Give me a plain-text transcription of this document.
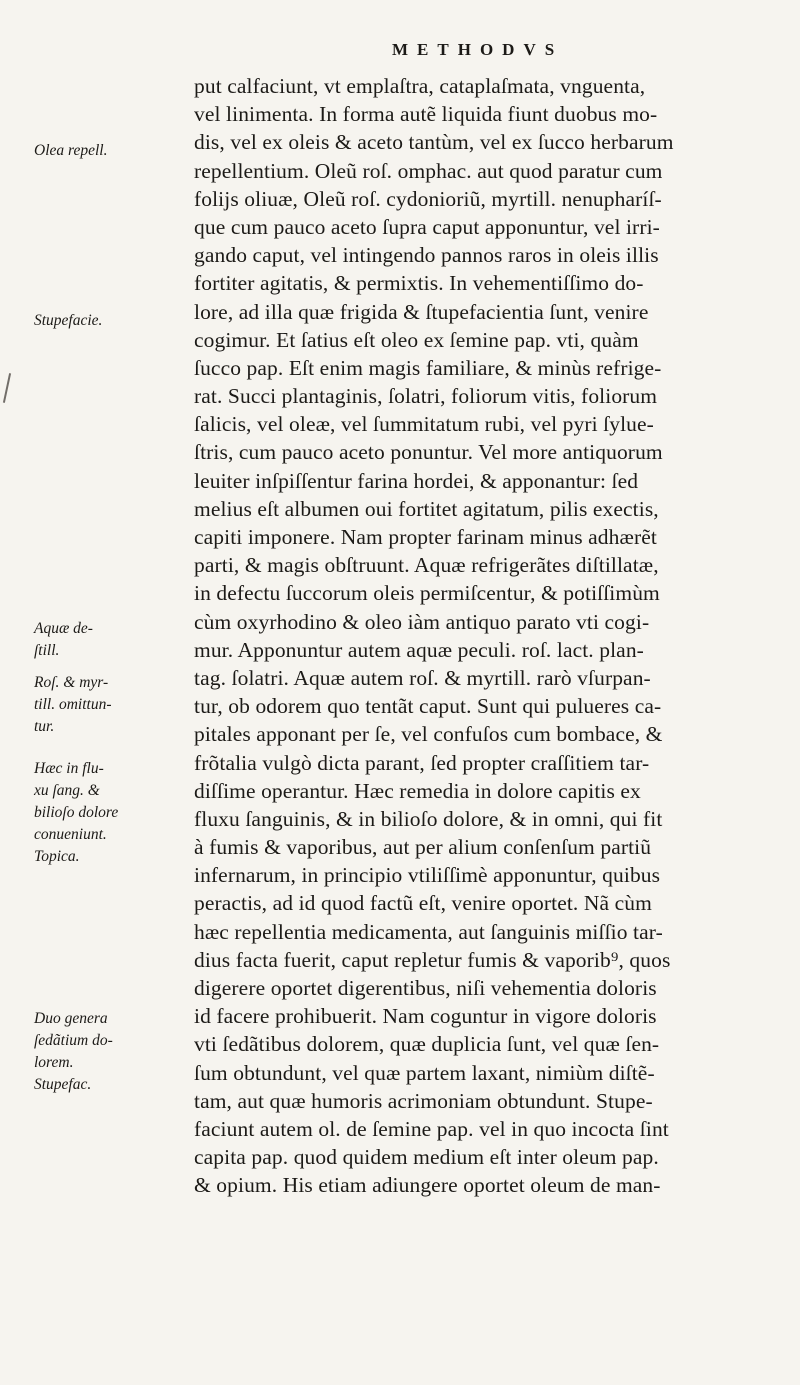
METHODVS
put calfaciunt, vt emplaſtra, cataplaſmata, vnguenta,
vel linimenta. In forma autẽ liquida fiunt duobus mo-
dis, vel ex oleis & aceto tantùm, vel ex ſucco herbarum
repellentium. Oleũ roſ. omphac. aut quod paratur cum
folijs oliuæ, Oleũ roſ. cydonioriũ, myrtill. nenupharíſ-
que cum pauco aceto ſupra caput apponuntur, vel irri-
gando caput, vel intingendo pannos raros in oleis illis
fortiter agitatis, & permixtis. In vehementiſſimo do-
lore, ad illa quæ frigida & ſtupefacientia ſunt, venire
cogimur. Et ſatius eſt oleo ex ſemine pap. vti, quàm
ſucco pap. Eſt enim magis familiare, & minùs refrige-
rat. Succi plantaginis, ſolatri, foliorum vitis, foliorum
ſalicis, vel oleæ, vel ſummitatum rubi, vel pyri ſylue-
ſtris, cum pauco aceto ponuntur. Vel more antiquorum
leuiter inſpiſſentur farina hordei, & apponantur: ſed
melius eſt albumen oui fortitet agitatum, pilis exectis,
capiti imponere. Nam propter farinam minus adhærẽt
parti, & magis obſtruunt. Aquæ refrigerãtes diſtillatæ,
in defectu ſuccorum oleis permiſcentur, & potiſſimùm
cùm oxyrhodino & oleo iàm antiquo parato vti cogi-
mur. Apponuntur autem aquæ peculi. roſ. lact. plan-
tag. ſolatri. Aquæ autem roſ. & myrtill. rarò vſurpan-
tur, ob odorem quo tentãt caput. Sunt qui pulueres ca-
pitales apponant per ſe, vel confuſos cum bombace, &
frõtalia vulgò dicta parant, ſed propter craſſitiem tar-
diſſime operantur. Hæc remedia in dolore capitis ex
fluxu ſanguinis, & in bilioſo dolore, & in omni, qui fit
à fumis & vaporibus, aut per alium conſenſum partiũ
infernarum, in principio vtiliſſimè apponuntur, quibus
peractis, ad id quod factũ eſt, venire oportet. Nã cùm
hæc repellentia medicamenta, aut ſanguinis miſſio tar-
dius facta fuerit, caput repletur fumis & vaporib⁹, quos
digerere oportet digerentibus, niſi vehementia doloris
id facere prohibuerit. Nam coguntur in vigore doloris
vti ſedãtibus dolorem, quæ duplicia ſunt, vel quæ ſen-
ſum obtundunt, vel quæ partem laxant, nimiùm diſtẽ-
tam, aut quæ humoris acrimoniam obtundunt. Stupe-
faciunt autem ol. de ſemine pap. vel in quo incocta ſint
capita pap. quod quidem medium eſt inter oleum pap.
& opium. His etiam adiungere oportet oleum de man-
Olea repell.
Stupefacie.
Aquæ de-
ſtill.
Roſ. & myr-
till. omittun-
tur.
Hæc in flu-
xu ſang. &
bilioſo dolore
conueniunt.
Topica.
Duo genera
ſedãtium do-
lorem.
Stupefac.
